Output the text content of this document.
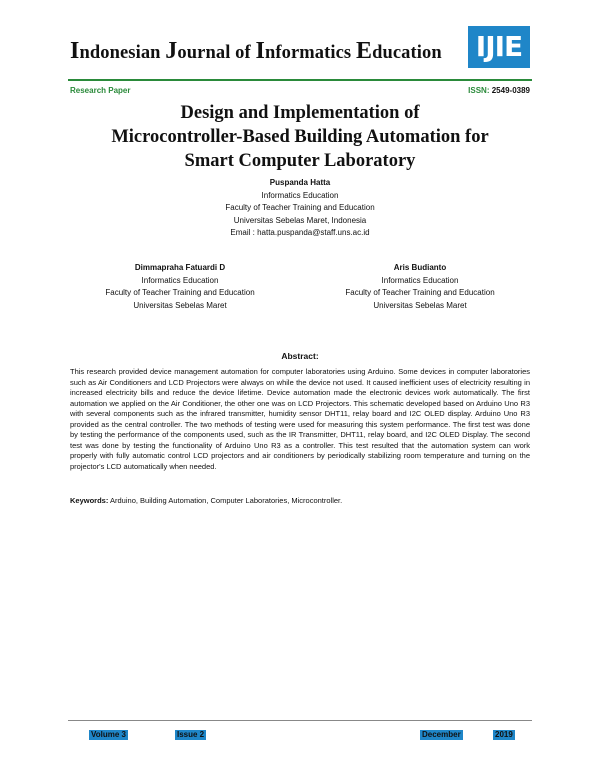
Indonesian Journal of Informatics Education IJIE
Research Paper	ISSN: 2549-0389
Design and Implementation of
Microcontroller-Based Building Automation for
Smart Computer Laboratory
Puspanda Hatta
Informatics Education
Faculty of Teacher Training and Education
Universitas Sebelas Maret, Indonesia
Email : hatta.puspanda@staff.uns.ac.id
Dimmapraha Fatuardi D
Informatics Education
Faculty of Teacher Training and Education
Universitas Sebelas Maret
Aris Budianto
Informatics Education
Faculty of Teacher Training and Education
Universitas Sebelas Maret
Abstract:
This research provided device management automation for computer laboratories using Arduino. Some devices in computer laboratories such as Air Conditioners and LCD Projectors were always on while the device not used. It caused inefficient uses of electricity resulting in increased electricity bills and reduce the device lifetime. Device automation made the electronic devices work automatically. The first automation we applied on the Air Conditioner, the other one was on LCD Projectors. This schematic developed based on Arduino Uno R3 with several components such as the infrared transmitter, humidity sensor DHT11, relay board and I2C OLED display. Arduino Uno R3 provided as the central controller. The two methods of testing were used for measuring this system performance. The first test was done by testing the performance of the components used, such as the IR Transmitter, DHT11, relay board, and I2C OLED Display. The second test was done by testing the functionality of Arduino Uno R3 as a controller. This test resulted that the automation system can work properly with fully automatic control LCD projectors and air conditioners by periodically stabilizing room temperature and turning on the projector's LCD automatically when needed.
Keywords: Arduino, Building Automation, Computer Laboratories, Microcontroller.
Volume 3	Issue 2	December	2019
